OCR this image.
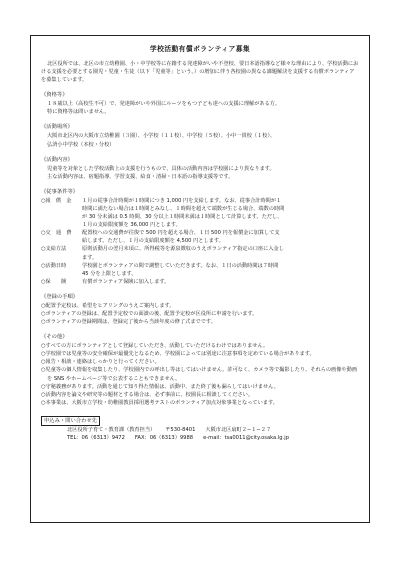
学校活動有償ボランティア募集

北区役所では、北区の市立幼稚園、小・中学校等に在籍する発達障がいや不登校、要日本語指導など様々な理由により、学校活動における支援を必要とする園児・児童・生徒（以下「児童等」という。）の増加に伴う各校園の異なる課題解決を支援する有償ボランティアを募集しています。

《資格等》
１８歳以上（高校生不可）で、発達障がいや外国にルーツをもつ子ども達への支援に理解がある方。
特に資格等は問いません。
《活動場所》
大阪市北区内の大阪市立幼稚園（３園）、小学校（１１校）、中学校（５校）、小中一貫校（１校）、
弘済小中学校（本校・分校）
《活動内容》
児童等を対象とした学校活動上の支援を行うもので、具体の活動内容は学校園により異なります。
主な活動内容は、宿題指導、学習支援、給食・清掃・日本語の指導支援等です。
《従事条件等》
○報　償　金	１月の従事合計時間が１時間につき 1,000 円を支給します。なお、従事合計時間が１
時間に満たない場合は１時間とみなし、１時間を超えて端数が生じる場合、端数の時間
が 30 分未満は 0.5 時間、30 分以上１時間未満は１時間として計算します。ただし、
１月の支給限度額を 36,000 円とします。
○交　通　費	配置校への交通費が往復で 500 円を超える場合、１日 500 円を報償金に加算して支
給します。ただし、１月の支給限度額を 4,500 円とします。
○支給方法	原則活動月の翌月末頃に、所得税等を源泉徴収のうえボランティア指定の口座に入金し
ます。
○活動日時	学校園とボランティアの間で調整していただきます。なお、１日の活動時間は７時間
45 分を上限とします。
○保　　険	有償ボランティア保険に加入します。
《登録の手順》
○配置予定校は、希望をヒアリングのうえご案内します。
○ボランティアの登録は、配置予定校での面談の後、配置予定校が区役所に申請を行います。
○ボランティアの登録期間は、登録完了後から当該年度の修了式までです。
《その他》
○すべての方にボランティアとして登録していただき、活動していただけるわけではありません。
○学校園では児童等の安全確保が最優先となるため、学校園によっては別途に注意事項を定めている場合があります。
○報告・相談・連絡はしっかりと行ってください。
○児童等の個人情報を収集したり、学校園内での呼出し等はしてはいけません。許可なく、カメラ等で撮影したり、それらの画像や動画を SNS やホームページ等で公表することもできません。
○守秘義務があります。活動を通じて知り得た情報は、活動中、また終了後も漏らしてはいけません。
○活動内容を論文や研究等の題材とする場合は、必ず事前に、校園長に相談してください。
○本事業は、大阪市立学校・幼稚園教員採用選考テストのボランティア加点対象事業となっています。
申込み・問い合わせ先
北区役所子育て・教育課（教育担当） 〒530-8401 大阪市北区扇町２−１−２７
TEL：06（6313）9472 FAX：06（6313）9988 e-mail：tsa0011@city.osaka.lg.jp
